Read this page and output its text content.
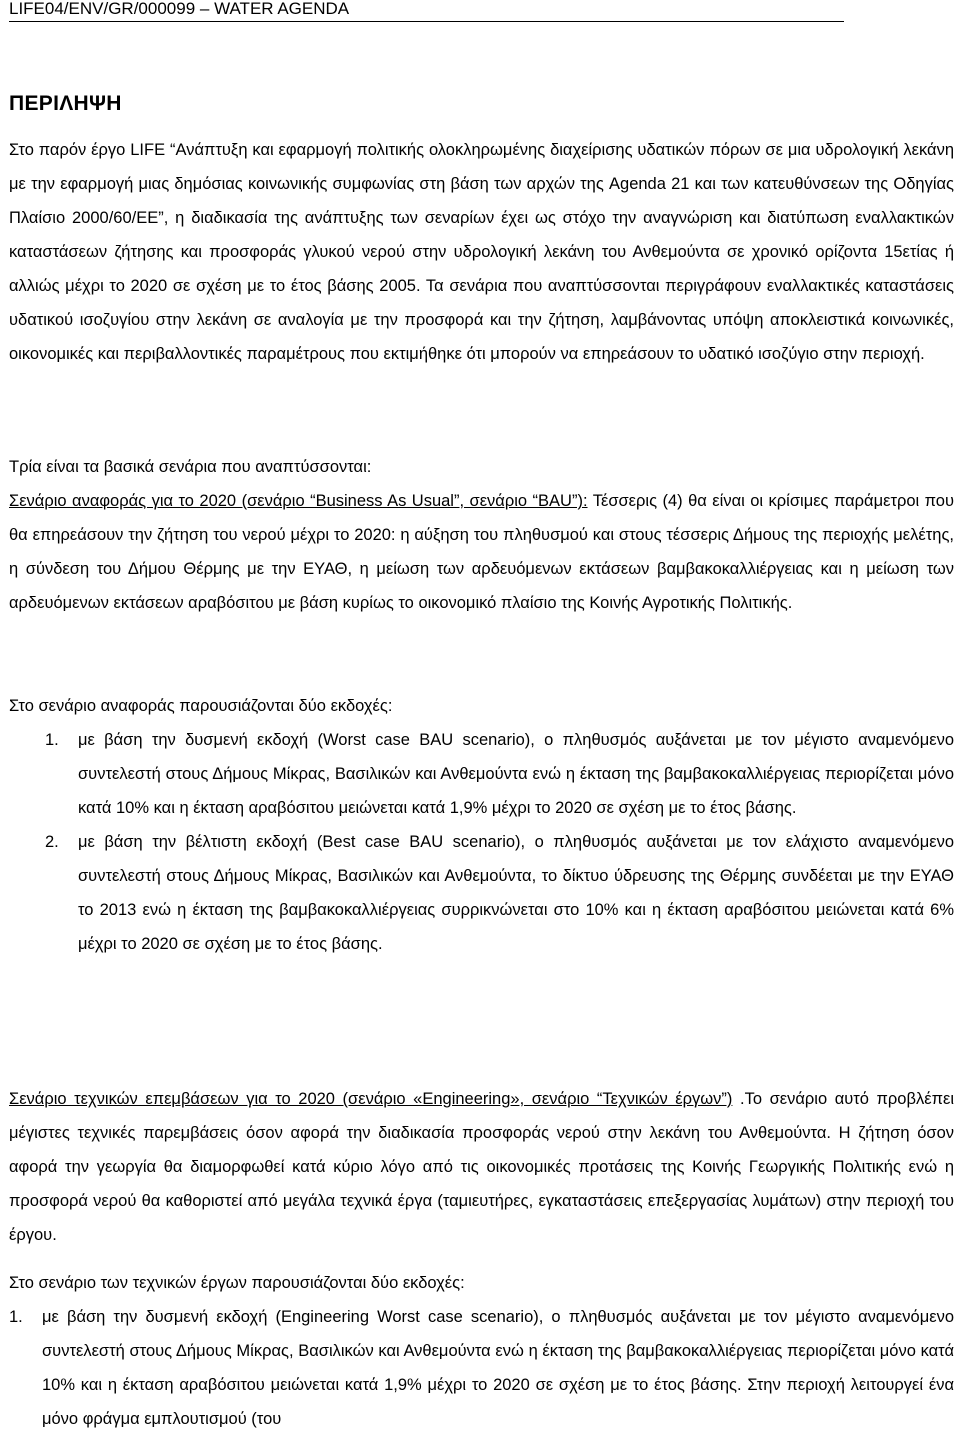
LIFE04/ENV/GR/000099 – WATER AGENDA
ΠΕΡΙΛΗΨΗ

Στο παρόν έργο LIFE “Ανάπτυξη και εφαρμογή πολιτικής ολοκληρωμένης διαχείρισης υδατικών πόρων σε μια υδρολογική λεκάνη με την εφαρμογή μιας δημόσιας κοινωνικής συμφωνίας στη βάση των αρχών της Agenda 21 και των κατευθύνσεων της Οδηγίας Πλαίσιο 2000/60/ΕΕ”, η διαδικασία της ανάπτυξης των σεναρίων έχει ως στόχο την αναγνώριση και διατύπωση εναλλακτικών καταστάσεων ζήτησης και προσφοράς γλυκού νερού στην υδρολογική λεκάνη του Ανθεμούντα σε χρονικό ορίζοντα 15ετίας ή αλλιώς μέχρι το 2020 σε σχέση με το έτος βάσης 2005. Τα σενάρια που αναπτύσσονται περιγράφουν εναλλακτικές καταστάσεις υδατικού ισοζυγίου στην λεκάνη σε αναλογία με την προσφορά και την ζήτηση, λαμβάνοντας υπόψη αποκλειστικά κοινωνικές, οικονομικές και περιβαλλοντικές παραμέτρους που εκτιμήθηκε ότι μπορούν να επηρεάσουν το υδατικό ισοζύγιο στην περιοχή.

Τρία είναι τα βασικά σενάρια που αναπτύσσονται:

Σενάριο αναφοράς για το 2020 (σενάριο “Business As Usual”, σενάριο “BAU”): Τέσσερις (4) θα είναι οι κρίσιμες παράμετροι που θα επηρεάσουν την ζήτηση του νερού μέχρι το 2020: η αύξηση του πληθυσμού και στους τέσσερις Δήμους της περιοχής μελέτης, η σύνδεση του Δήμου Θέρμης με την ΕΥΑΘ, η μείωση των αρδευόμενων εκτάσεων βαμβακοκαλλιέργειας και η μείωση των αρδευόμενων εκτάσεων αραβόσιτου με βάση κυρίως το οικονομικό πλαίσιο της Κοινής Αγροτικής Πολιτικής.

Στο σενάριο αναφοράς παρουσιάζονται δύο εκδοχές:

1. με βάση την δυσμενή εκδοχή (Worst case BAU scenario), ο πληθυσμός αυξάνεται με τον μέγιστο αναμενόμενο συντελεστή στους Δήμους Μίκρας, Βασιλικών και Ανθεμούντα ενώ η έκταση της βαμβακοκαλλιέργειας περιορίζεται μόνο κατά 10% και η έκταση αραβόσιτου μειώνεται κατά 1,9% μέχρι το 2020 σε σχέση με το έτος βάσης.
2. με βάση την βέλτιστη εκδοχή (Best case BAU scenario), ο πληθυσμός αυξάνεται με τον ελάχιστο αναμενόμενο συντελεστή στους Δήμους Μίκρας, Βασιλικών και Ανθεμούντα, το δίκτυο ύδρευσης της Θέρμης συνδέεται με την ΕΥΑΘ το 2013 ενώ η έκταση της βαμβακοκαλλιέργειας συρρικνώνεται στο 10% και η έκταση αραβόσιτου μειώνεται κατά 6% μέχρι το 2020 σε σχέση με το έτος βάσης.

Σενάριο τεχνικών επεμβάσεων για το 2020 (σενάριο «Engineering», σενάριο “Τεχνικών έργων”) .Το σενάριο αυτό προβλέπει μέγιστες τεχνικές παρεμβάσεις όσον αφορά την διαδικασία προσφοράς νερού στην λεκάνη του Ανθεμούντα. Η ζήτηση όσον αφορά την γεωργία θα διαμορφωθεί κατά κύριο λόγο από τις οικονομικές προτάσεις της Κοινής Γεωργικής Πολιτικής ενώ η προσφορά νερού θα καθοριστεί από μεγάλα τεχνικά έργα (ταμιευτήρες, εγκαταστάσεις επεξεργασίας λυμάτων) στην περιοχή του έργου.

Στο σενάριο των τεχνικών έργων παρουσιάζονται δύο εκδοχές:

1. με βάση την δυσμενή εκδοχή (Engineering Worst case scenario), ο πληθυσμός αυξάνεται με τον μέγιστο αναμενόμενο συντελεστή στους Δήμους Μίκρας, Βασιλικών και Ανθεμούντα ενώ η έκταση της βαμβακοκαλλιέργειας περιορίζεται μόνο κατά 10% και η έκταση αραβόσιτου μειώνεται κατά 1,9% μέχρι το 2020 σε σχέση με το έτος βάσης. Στην περιοχή λειτουργεί ένα μόνο φράγμα εμπλουτισμού (του
